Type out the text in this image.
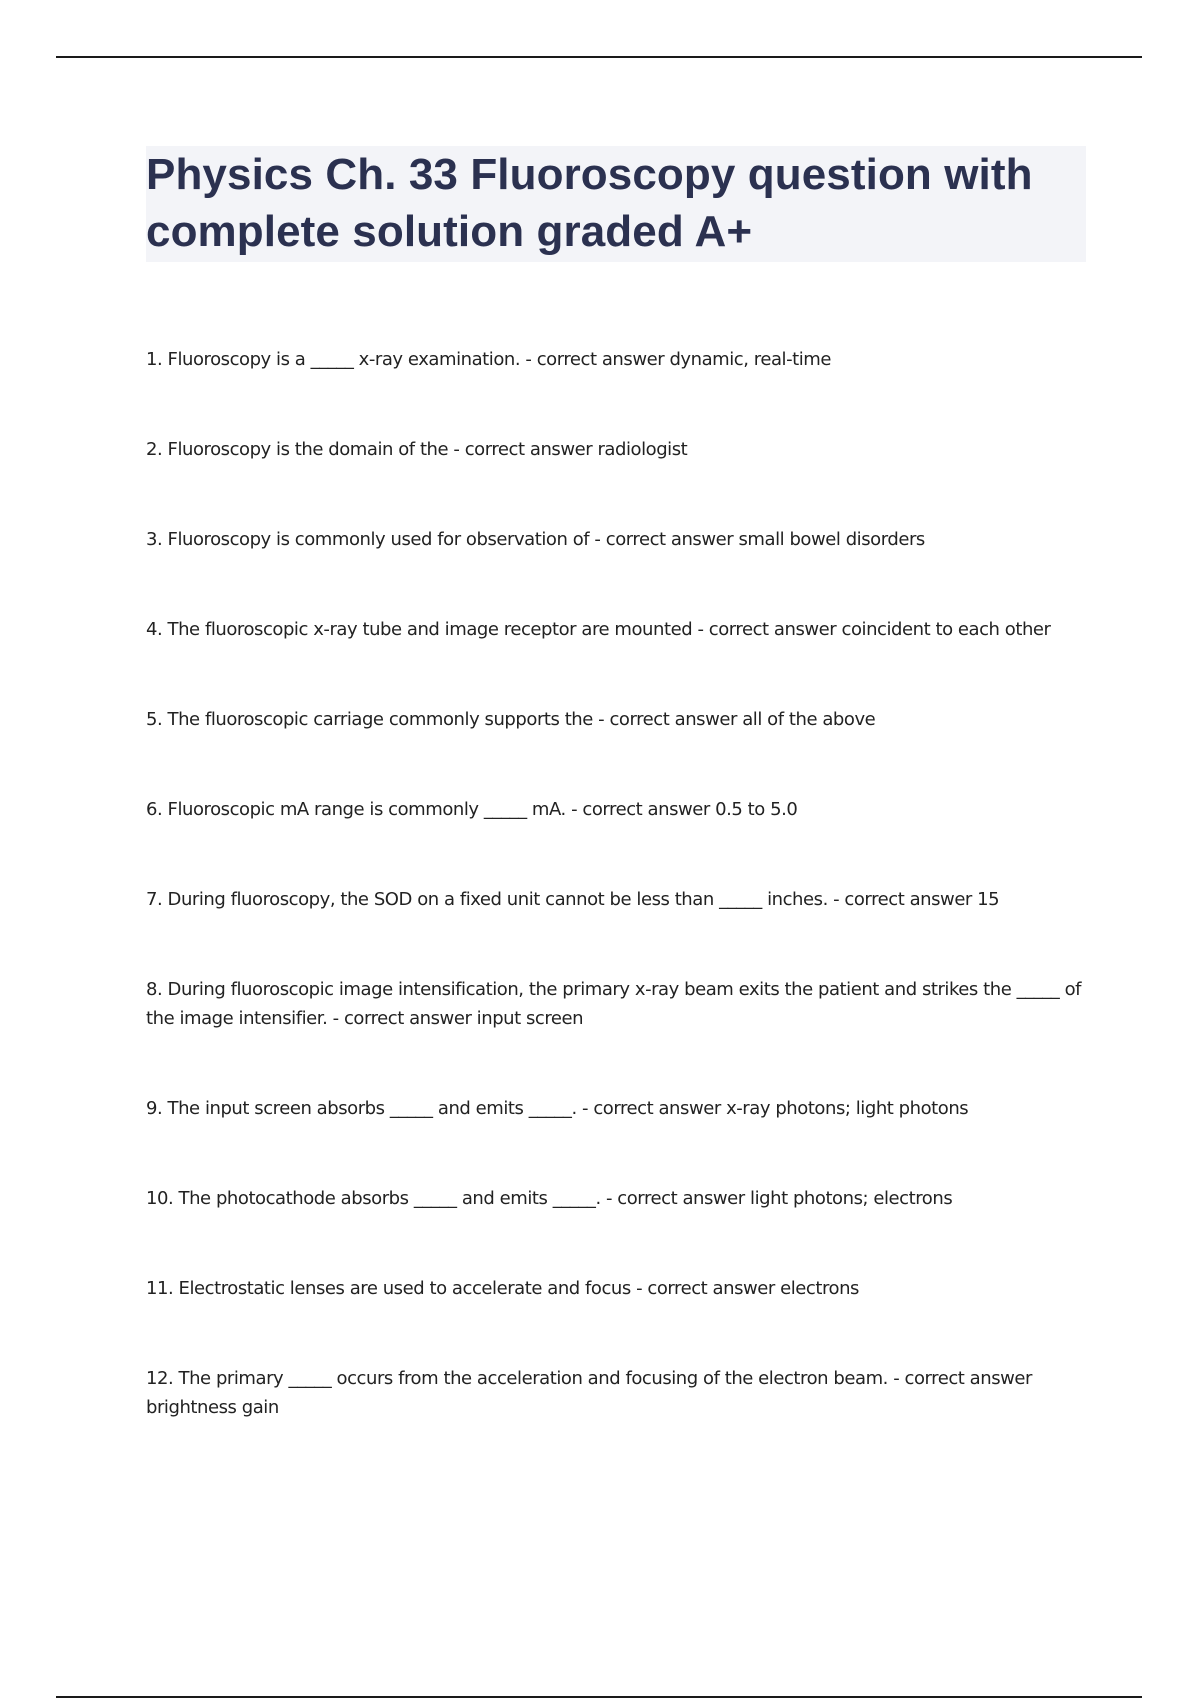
Physics Ch. 33 Fluoroscopy question with complete solution graded A+
1. Fluoroscopy is a _____ x-ray examination. - correct answer dynamic, real-time
2. Fluoroscopy is the domain of the - correct answer radiologist
3. Fluoroscopy is commonly used for observation of - correct answer small bowel disorders
4. The fluoroscopic x-ray tube and image receptor are mounted - correct answer coincident to each other
5. The fluoroscopic carriage commonly supports the - correct answer all of the above
6. Fluoroscopic mA range is commonly _____ mA. - correct answer 0.5 to 5.0
7. During fluoroscopy, the SOD on a fixed unit cannot be less than _____ inches. - correct answer 15
8. During fluoroscopic image intensification, the primary x-ray beam exits the patient and strikes the _____ of the image intensifier. - correct answer input screen
9. The input screen absorbs _____ and emits _____. - correct answer x-ray photons; light photons
10. The photocathode absorbs _____ and emits _____. - correct answer light photons; electrons
11. Electrostatic lenses are used to accelerate and focus - correct answer electrons
12. The primary _____ occurs from the acceleration and focusing of the electron beam. - correct answer brightness gain
